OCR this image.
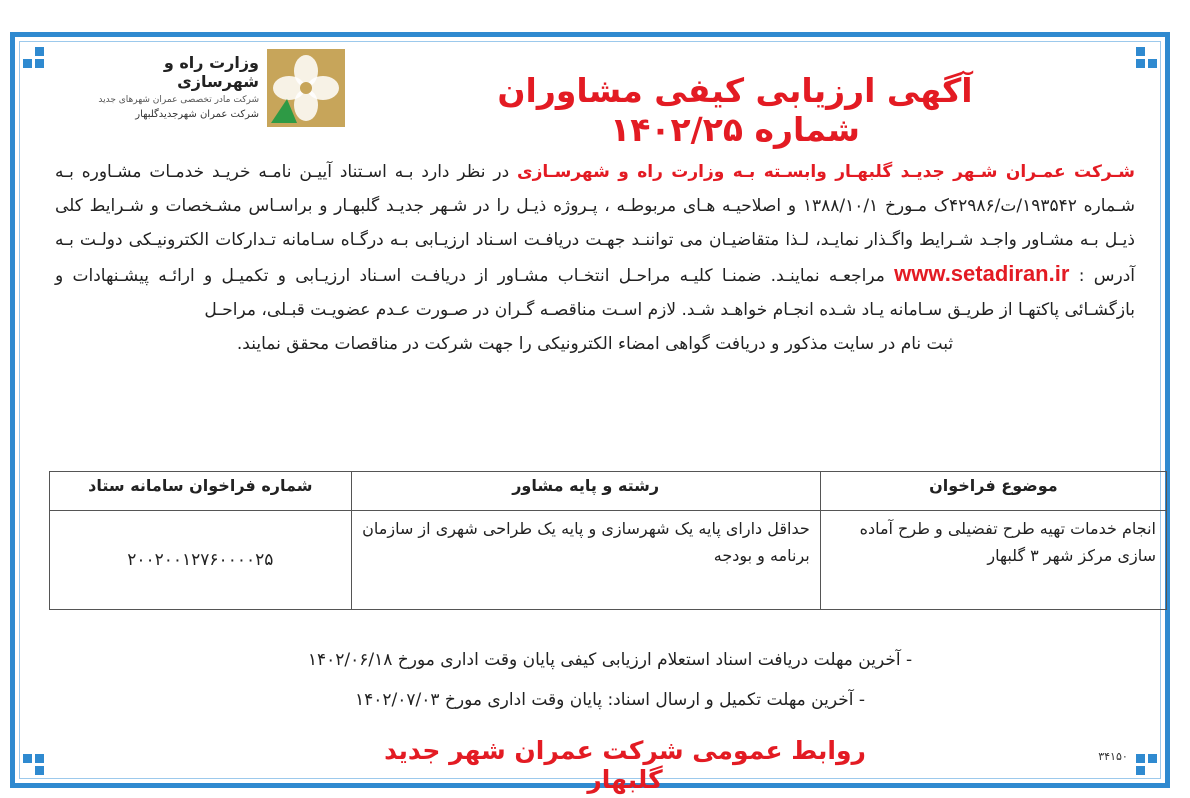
وزارت راه و شهرسازی
شرکت مادر تخصصی عمران شهرهای جدید
شرکت عمران شهرجدیدگلبهار
آگهی ارزیابی کیفی مشاوران شماره ۱۴۰۲/۲۵
شـرکت عمـران شـهر جدیـد گلبهـار وابسـته بـه وزارت راه و شهرسـازی در نظر دارد بـه اسـتناد آییـن نامـه خریـد خدمـات مشـاوره بـه شـماره ۱۹۳۵۴۲/ت/۴۲۹۸۶ک مـورخ ۱۳۸۸/۱۰/۱ و اصلاحیـه هـای مربوطـه ، پـروژه ذیـل را در شـهر جدیـد گلبهـار و براسـاس مشـخصات و شـرایط کلی ذیـل بـه مشـاور واجـد شـرایط واگـذار نمایـد، لـذا متقاضیـان می تواننـد جهـت دریافـت اسـناد ارزیـابی بـه درگـاه سـامانه تـدارکات الکترونیـکی دولـت بـه آدرس : www.setadiran.ir مراجعـه نماینـد. ضمنـا کلیـه مراحـل انتخـاب مشـاور از دریافـت اسـناد ارزیـابی و تکمیـل و ارائـه پیشـنهادات و بازگشـائی پاکتهـا از طریـق سـامانه یـاد شـده انجـام خواهـد شـد. لازم اسـت مناقصـه گـران در صـورت عـدم عضویـت قبـلی، مراحـل
ثبت نام در سایت مذکور و دریافت گواهی امضاء الکترونیکی را جهت شرکت در مناقصات محقق نمایند.
موضوع فراخوان	رشته و پایه مشاور	شماره فراخوان سامانه ستاد
انجام خدمات تهیه طرح تفضیلی و طرح آماده سازی مرکز شهر ۳ گلبهار	حداقل دارای پایه یک شهرسازی و پایه یک طراحی شهری از سازمان برنامه و بودجه	۲۰۰۲۰۰۱۲۷۶۰۰۰۰۲۵
- آخرین مهلت دریافت اسناد استعلام ارزیابی کیفی پایان وقت اداری مورخ ۱۴۰۲/۰۶/۱۸
- آخرین مهلت تکمیل و ارسال اسناد: پایان وقت اداری مورخ ۱۴۰۲/۰۷/۰۳
روابط عمومی شرکت عمران شهر جدید گلبهار
۳۴۱۵۰
